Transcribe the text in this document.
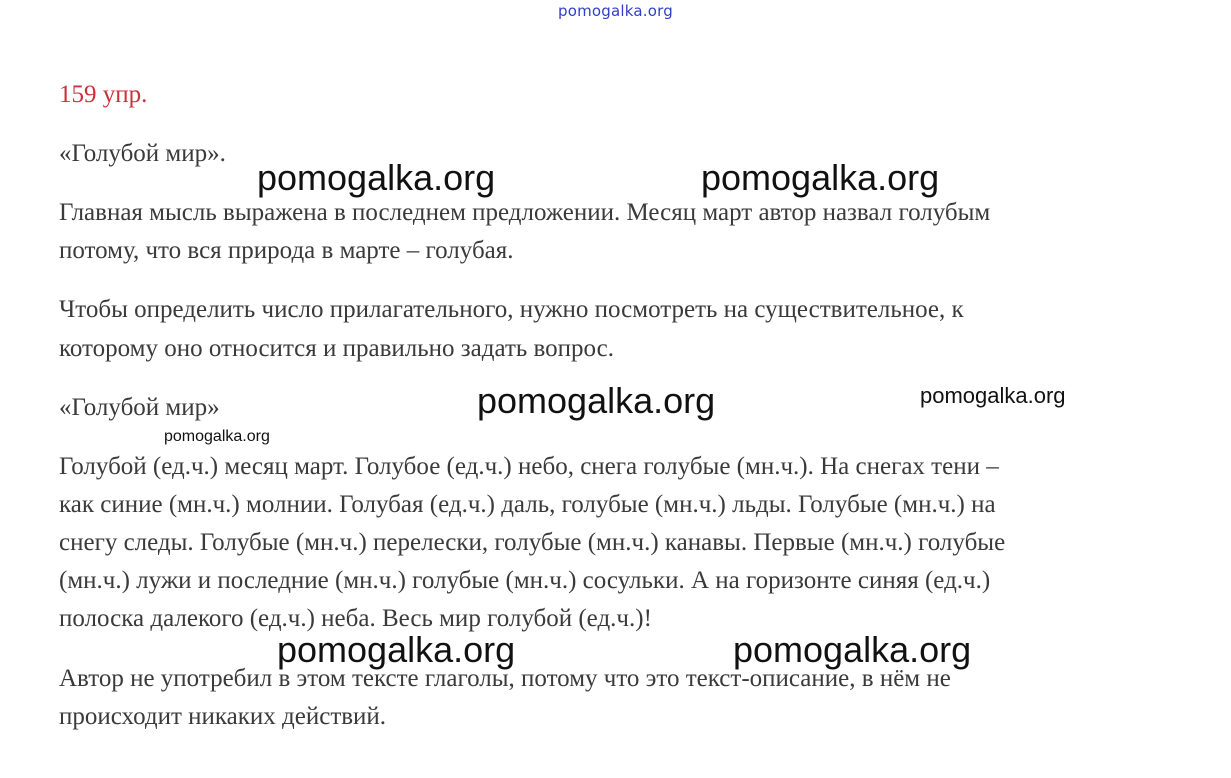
pomogalka.org
159 упр.
«Голубой мир».
Главная мысль выражена в последнем предложении. Месяц март автор назвал голубым
потому, что вся природа в марте – голубая.
Чтобы определить число прилагательного, нужно посмотреть на существительное, к
которому оно относится и правильно задать вопрос.
«Голубой мир»
Голубой (ед.ч.) месяц март. Голубое (ед.ч.) небо, снега голубые (мн.ч.). На снегах тени –
как синие (мн.ч.) молнии. Голубая (ед.ч.) даль, голубые (мн.ч.) льды. Голубые (мн.ч.) на
снегу следы. Голубые (мн.ч.) перелески, голубые (мн.ч.) канавы. Первые (мн.ч.) голубые
(мн.ч.) лужи и последние (мн.ч.) голубые (мн.ч.) сосульки. А на горизонте синяя (ед.ч.)
полоска далекого (ед.ч.) неба. Весь мир голубой (ед.ч.)!
Автор не употребил в этом тексте глаголы, потому что это текст-описание, в нём не
происходит никаких действий.
pomogalka.org	pomogalka.org
pomogalka.org	pomogalka.org
pomogalka.org
pomogalka.org	pomogalka.org
